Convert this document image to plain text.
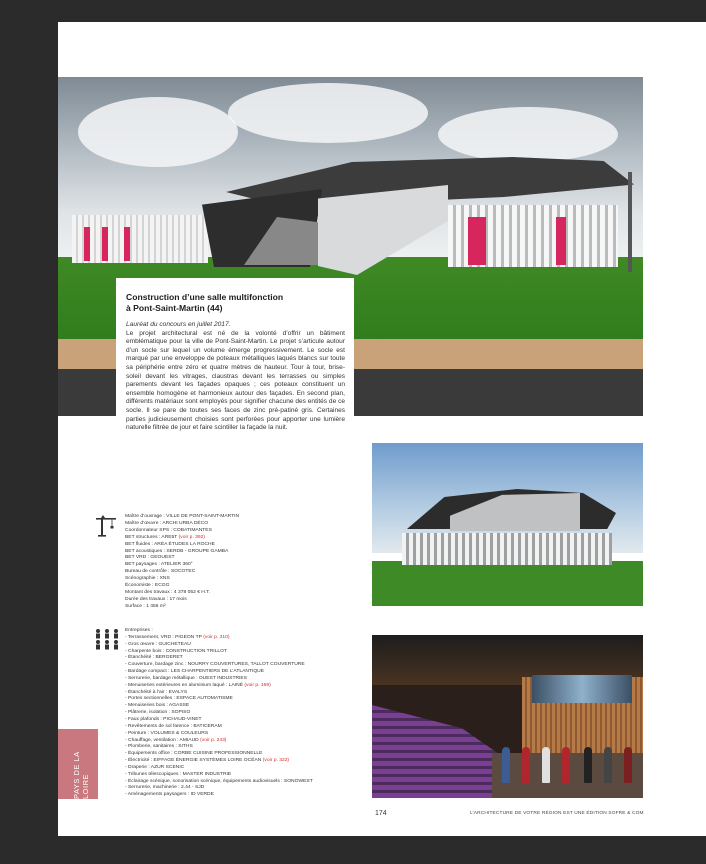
Construction d’une salle multifonction
à Pont-Saint-Martin (44)
Lauréat du concours en juillet 2017.

Le projet architectural est né de la volonté d’offrir un bâtiment emblématique pour la ville de Pont-Saint-Martin. Le projet s’articule autour d’un socle sur lequel un volume émerge progressivement. Le socle est marqué par une enveloppe de poteaux métalliques laqués blancs sur toute sa périphérie entre zéro et quatre mètres de hauteur. Tour à tour, brise-soleil devant les vitrages, claustras devant les terrasses ou simples parements devant les façades opaques ; ces poteaux constituent un ensemble homogène et harmonieux autour des façades. En second plan, différents matériaux sont employés pour signifier chacune des entités de ce socle. Il se pare de toutes ses faces de zinc pré-patiné gris. Certaines parties judicieusement choisies sont perforées pour apporter une lumière naturelle filtrée de jour et faire scintiller la façade la nuit.

Maître d’ouvrage : VILLE DE PONT-SAINT-MARTIN
Maître d’œuvre : ARCHI URBA DÉCO
Coordonnateur SPS : COBATIMANTES
BET structures : ARE5T (voir p. 392)
BET fluides : ARÉA ÉTUDES LA ROCHE
BET acoustiques : SERDB - GROUPE GAMBA
BET VRD : GEOUEST
BET paysages : ATELIER 360°
Bureau de contrôle : SOCOTEC
Scénographie : XNS
Économiste : ECGG
Montant des travaux : 4 378 052 € H.T.
Durée des travaux : 17 mois
Surface : 1 456 m²
Entreprises :
- Terrassement, VRD : PIGEON TP (voir p. 310)
- Gros œuvre : GUICHETEAU
- Charpente bois : CONSTRUCTION TRILLOT
- Étanchéité : BERGERET
- Couverture, bardage zinc : NOURRY COUVERTURES, TALLOT COUVERTURE
- Bardage compact : LES CHARPENTIERS DE L’ATLANTIQUE
- Serrurerie, bardage métallique : OUEST INDUSTRIES
- Menuiseries extérieures en aluminium laqué : LAINÉ (voir p. 169)
- Étanchéité à l’air : EVALYS
- Portes sectionnelles : ESPACE AUTOMATISME
- Menuiseries bois : AGASSE
- Plâtrerie, isolation : SOPISO
- Faux plafonds : PICHAUD-VINET
- Revêtements de sol faïence : BATICERAM
- Peinture : VOLUMES & COULEURS
- Chauffage, ventilation : AMIAUD (voir p. 243)
- Plomberie, sanitaires : SITHS
- Équipements office : CORBE CUISINE PROFESSIONNELLE
- Électricité : EIFFAGE ÉNERGIE SYSTÈMES LOIRE OCÉAN (voir p. 322)
- Draperie : AZUR SCENIC
- Tribunes télescopiques : MASTER INDUSTRIE
- Éclairage scénique, sonorisation scénique, équipements audiovisuels : SONOWEST
- Serrurerie, machinerie : 2.44 - SJD
- Aménagements paysagers : ID VERDE
PAYS DE LA LOIRE
174	L’ARCHITECTURE DE VOTRE RÉGION EST UNE ÉDITION SOFRE & COM
